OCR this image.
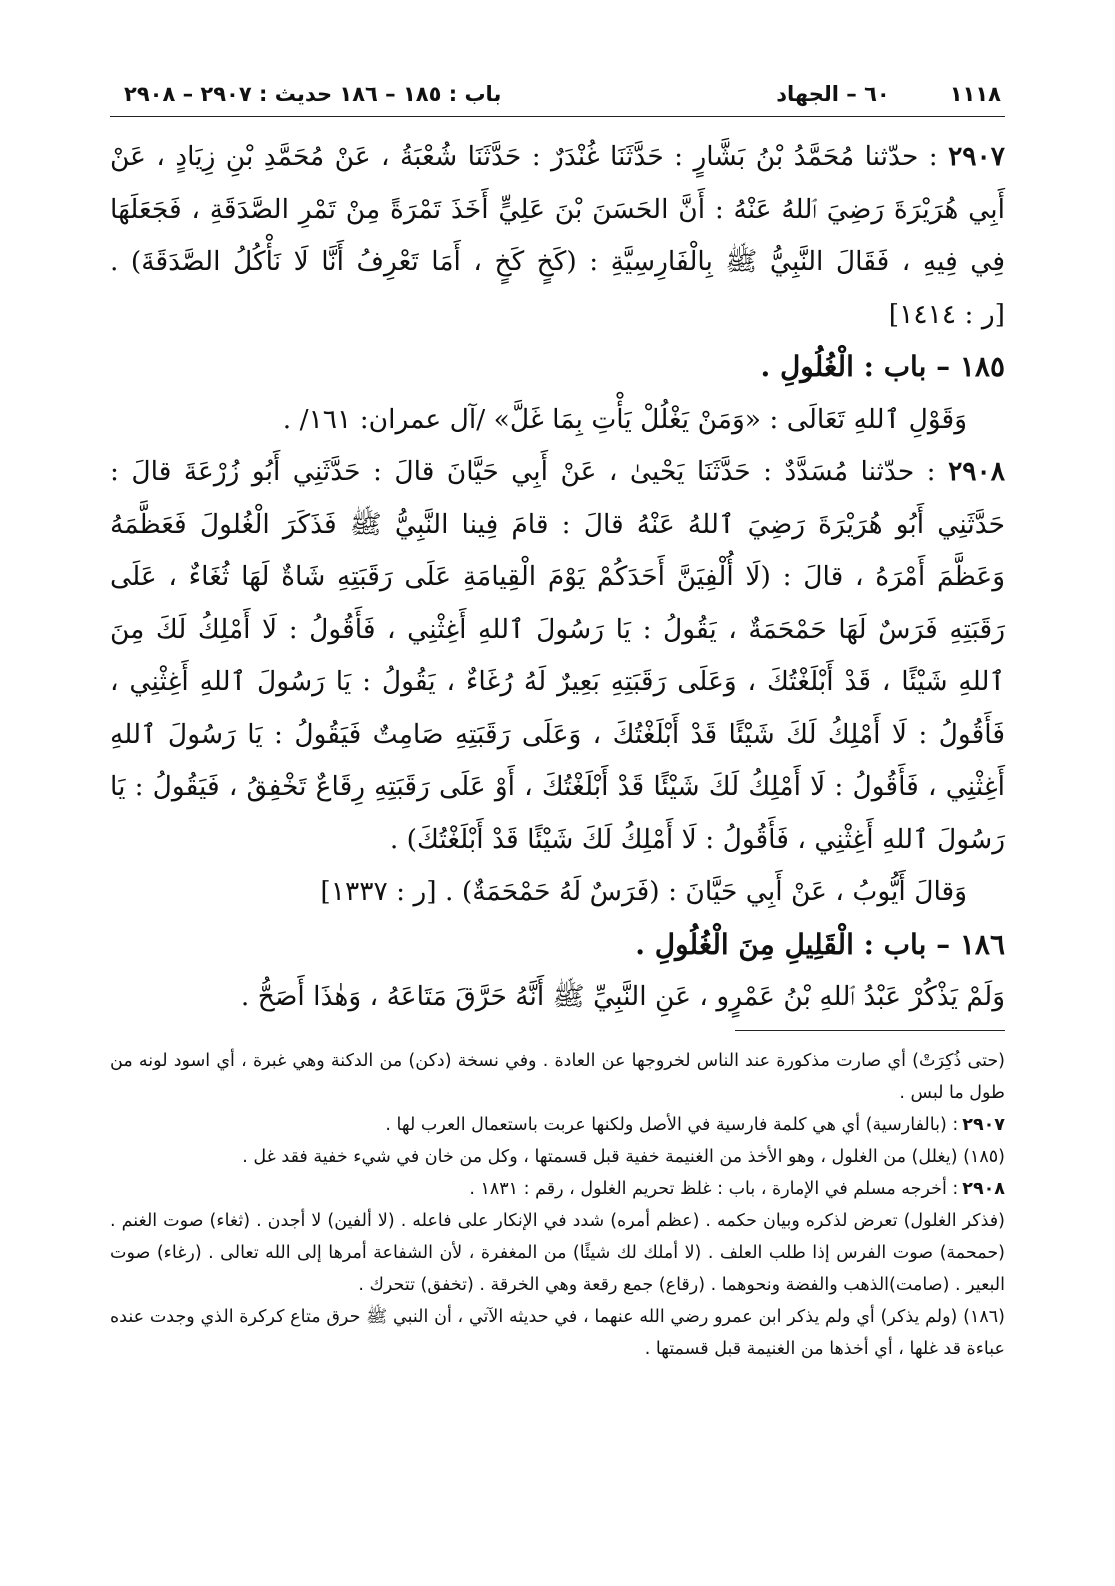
١١١٨
٦٠ – الجهاد
باب : ١٨٥ – ١٨٦ حديث : ٢٩٠٧ – ٢٩٠٨

٢٩٠٧ : حدّثنا مُحَمَّدُ بْنُ بَشَّارٍ : حَدَّثَنَا غُنْدَرٌ : حَدَّثَنَا شُعْبَةُ ، عَنْ مُحَمَّدِ بْنِ زِيَادٍ ، عَنْ أَبِي هُرَيْرَةَ رَضِيَ ٱللهُ عَنْهُ : أَنَّ الحَسَنَ بْنَ عَلِيٍّ أَخَذَ تَمْرَةً مِنْ تَمْرِ الصَّدَقَةِ ، فَجَعَلَهَا فِي فِيهِ ، فَقَالَ النَّبِيُّ ﷺ بِالْفَارِسِيَّةِ : (كَخٍ كَخٍ ، أَمَا تَعْرِفُ أَنَّا لَا نَأْكُلُ الصَّدَقَةَ) . [ر : ١٤١٤]

١٨٥ – باب : الْغُلُولِ .

وَقَوْلِ ٱللهِ تَعَالَى : «وَمَنْ يَغْلُلْ يَأْتِ بِمَا غَلَّ» /آل عمران: ١٦١/ .

٢٩٠٨ : حدّثنا مُسَدَّدٌ : حَدَّثَنَا يَحْيىٰ ، عَنْ أَبِي حَيَّانَ قالَ : حَدَّثَنِي أَبُو زُرْعَةَ قالَ : حَدَّثَنِي أَبُو هُرَيْرَةَ رَضِيَ ٱللهُ عَنْهُ قالَ : قامَ فِينا النَّبِيُّ ﷺ فَذَكَرَ الْغُلولَ فَعَظَّمَهُ وَعَظَّمَ أَمْرَهُ ، قالَ : (لَا أُلْفِيَنَّ أَحَدَكُمْ يَوْمَ الْقِيامَةِ عَلَى رَقَبَتِهِ شَاةٌ لَهَا ثُغَاءٌ ، عَلَى رَقَبَتِهِ فَرَسٌ لَهَا حَمْحَمَةٌ ، يَقُولُ : يَا رَسُولَ ٱللهِ أَغِثْنِي ، فَأَقُولُ : لَا أَمْلِكُ لَكَ مِنَ ٱللهِ شَيْئًا ، قَدْ أَبْلَغْتُكَ ، وَعَلَى رَقَبَتِهِ بَعِيرٌ لَهُ رُغَاءٌ ، يَقُولُ : يَا رَسُولَ ٱللهِ أَغِثْنِي ، فَأَقُولُ : لَا أَمْلِكُ لَكَ شَيْئًا قَدْ أَبْلَغْتُكَ ، وَعَلَى رَقَبَتِهِ صَامِتٌ فَيَقُولُ : يَا رَسُولَ ٱللهِ أَغِثْنِي ، فَأَقُولُ : لَا أَمْلِكُ لَكَ شَيْئًا قَدْ أَبْلَغْتُكَ ، أَوْ عَلَى رَقَبَتِهِ رِقَاعٌ تَخْفِقُ ، فَيَقُولُ : يَا رَسُولَ ٱللهِ أَغِثْنِي ، فَأَقُولُ : لَا أَمْلِكُ لَكَ شَيْئًا قَدْ أَبْلَغْتُكَ) .

وَقالَ أَيُّوبُ ، عَنْ أَبِي حَيَّانَ : (فَرَسٌ لَهُ حَمْحَمَةٌ) . [ر : ١٣٣٧]

١٨٦ – باب : الْقَلِيلِ مِنَ الْغُلُولِ .

وَلَمْ يَذْكُرْ عَبْدُ ٱللهِ بْنُ عَمْرٍو ، عَنِ النَّبِيِّ ﷺ أَنَّهُ حَرَّقَ مَتَاعَهُ ، وَهٰذَا أَصَحُّ .

(حتى ذُكِرَتْ) أي صارت مذكورة عند الناس لخروجها عن العادة . وفي نسخة (دكن) من الدكنة وهي غبرة ، أي اسود لونه من طول ما لبس .

٢٩٠٧: (بالفارسية) أي هي كلمة فارسية في الأصل ولكنها عربت باستعمال العرب لها .

(١٨٥) (يغلل) من الغلول ، وهو الأخذ من الغنيمة خفية قبل قسمتها ، وكل من خان في شيء خفية فقد غل .

٢٩٠٨: أخرجه مسلم في الإمارة ، باب : غلظ تحريم الغلول ، رقم : ١٨٣١ .

(فذكر الغلول) تعرض لذكره وبيان حكمه . (عظم أمره) شدد في الإنكار على فاعله . (لا ألفين) لا أجدن . (ثغاء) صوت الغنم . (حمحمة) صوت الفرس إذا طلب العلف . (لا أملك لك شيئًا) من المغفرة ، لأن الشفاعة أمرها إلى الله تعالى . (رغاء) صوت البعير . (صامت)الذهب والفضة ونحوهما . (رقاع) جمع رقعة وهي الخرقة . (تخفق) تتحرك .

(١٨٦) (ولم يذكر) أي ولم يذكر ابن عمرو رضي الله عنهما ، في حديثه الآتي ، أن النبي ﷺ حرق متاع كركرة الذي وجدت عنده عباءة قد غلها ، أي أخذها من الغنيمة قبل قسمتها .
